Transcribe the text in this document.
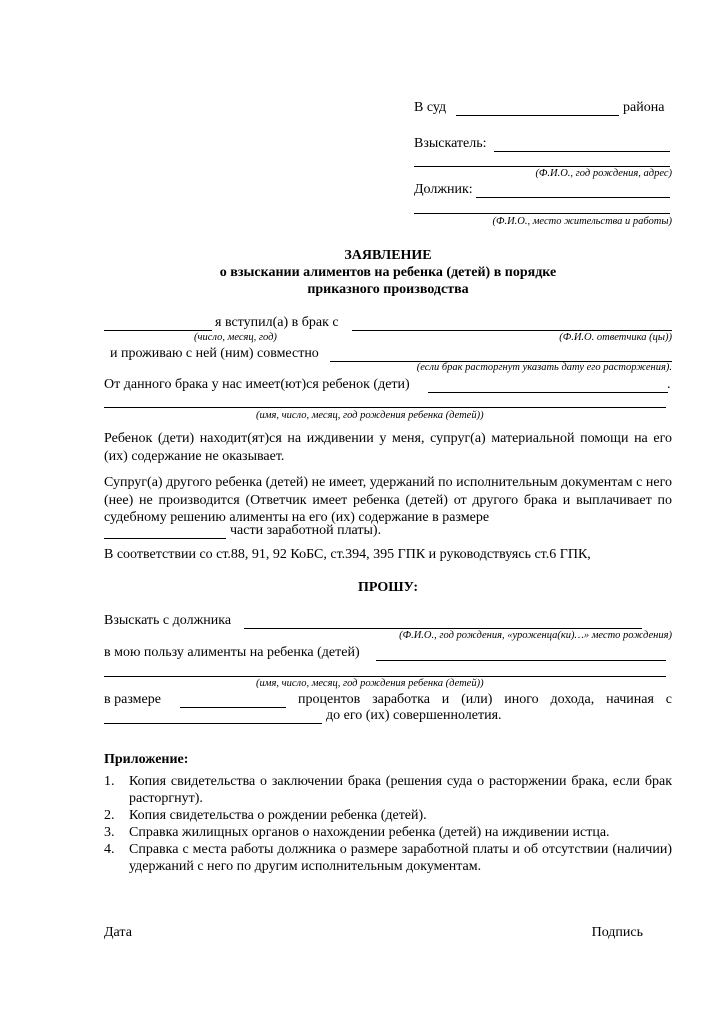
В суд	района
Взыскатель:
(Ф.И.О., год рождения, адрес)
Должник:
(Ф.И.О., место жительства и работы)
ЗАЯВЛЕНИЕ
о взыскании алиментов на ребенка (детей) в порядке
приказного производства
я вступил(а) в брак с
(число, месяц, год)	(Ф.И.О. ответчика (цы))
и проживаю с ней (ним) совместно
(если брак расторгнут указать дату его расторжения).
От данного брака у нас имеет(ют)ся ребенок (дети)	.
(имя, число, месяц, год рождения ребенка (детей))
Ребенок (дети) находит(ят)ся на иждивении у меня, супруг(а) материальной помощи на его (их) содержание не оказывает.
Супруг(а) другого ребенка (детей) не имеет, удержаний по исполнительным документам с него (нее) не производится (Ответчик имеет ребенка (детей) от другого брака и выплачивает по судебному решению алименты на его (их) содержание в размере
части заработной платы).
В соответствии со ст.88, 91, 92 КоБС, ст.394, 395 ГПК и руководствуясь ст.6 ГПК,
ПРОШУ:
Взыскать с должника
(Ф.И.О., год рождения, «уроженца(ки)…» место рождения)
в мою пользу алименты на ребенка (детей)
(имя, число, месяц, год рождения ребенка (детей))
в размере	процентов заработка и (или) иного дохода, начиная с
до его (их) совершеннолетия.
Приложение:
1. Копия свидетельства о заключении брака (решения суда о расторжении брака, если брак расторгнут).
2. Копия свидетельства о рождении ребенка (детей).
3. Справка жилищных органов о нахождении ребенка (детей) на иждивении истца.
4. Справка с места работы должника о размере заработной платы и об отсутствии (наличии) удержаний с него по другим исполнительным документам.
Дата	Подпись
